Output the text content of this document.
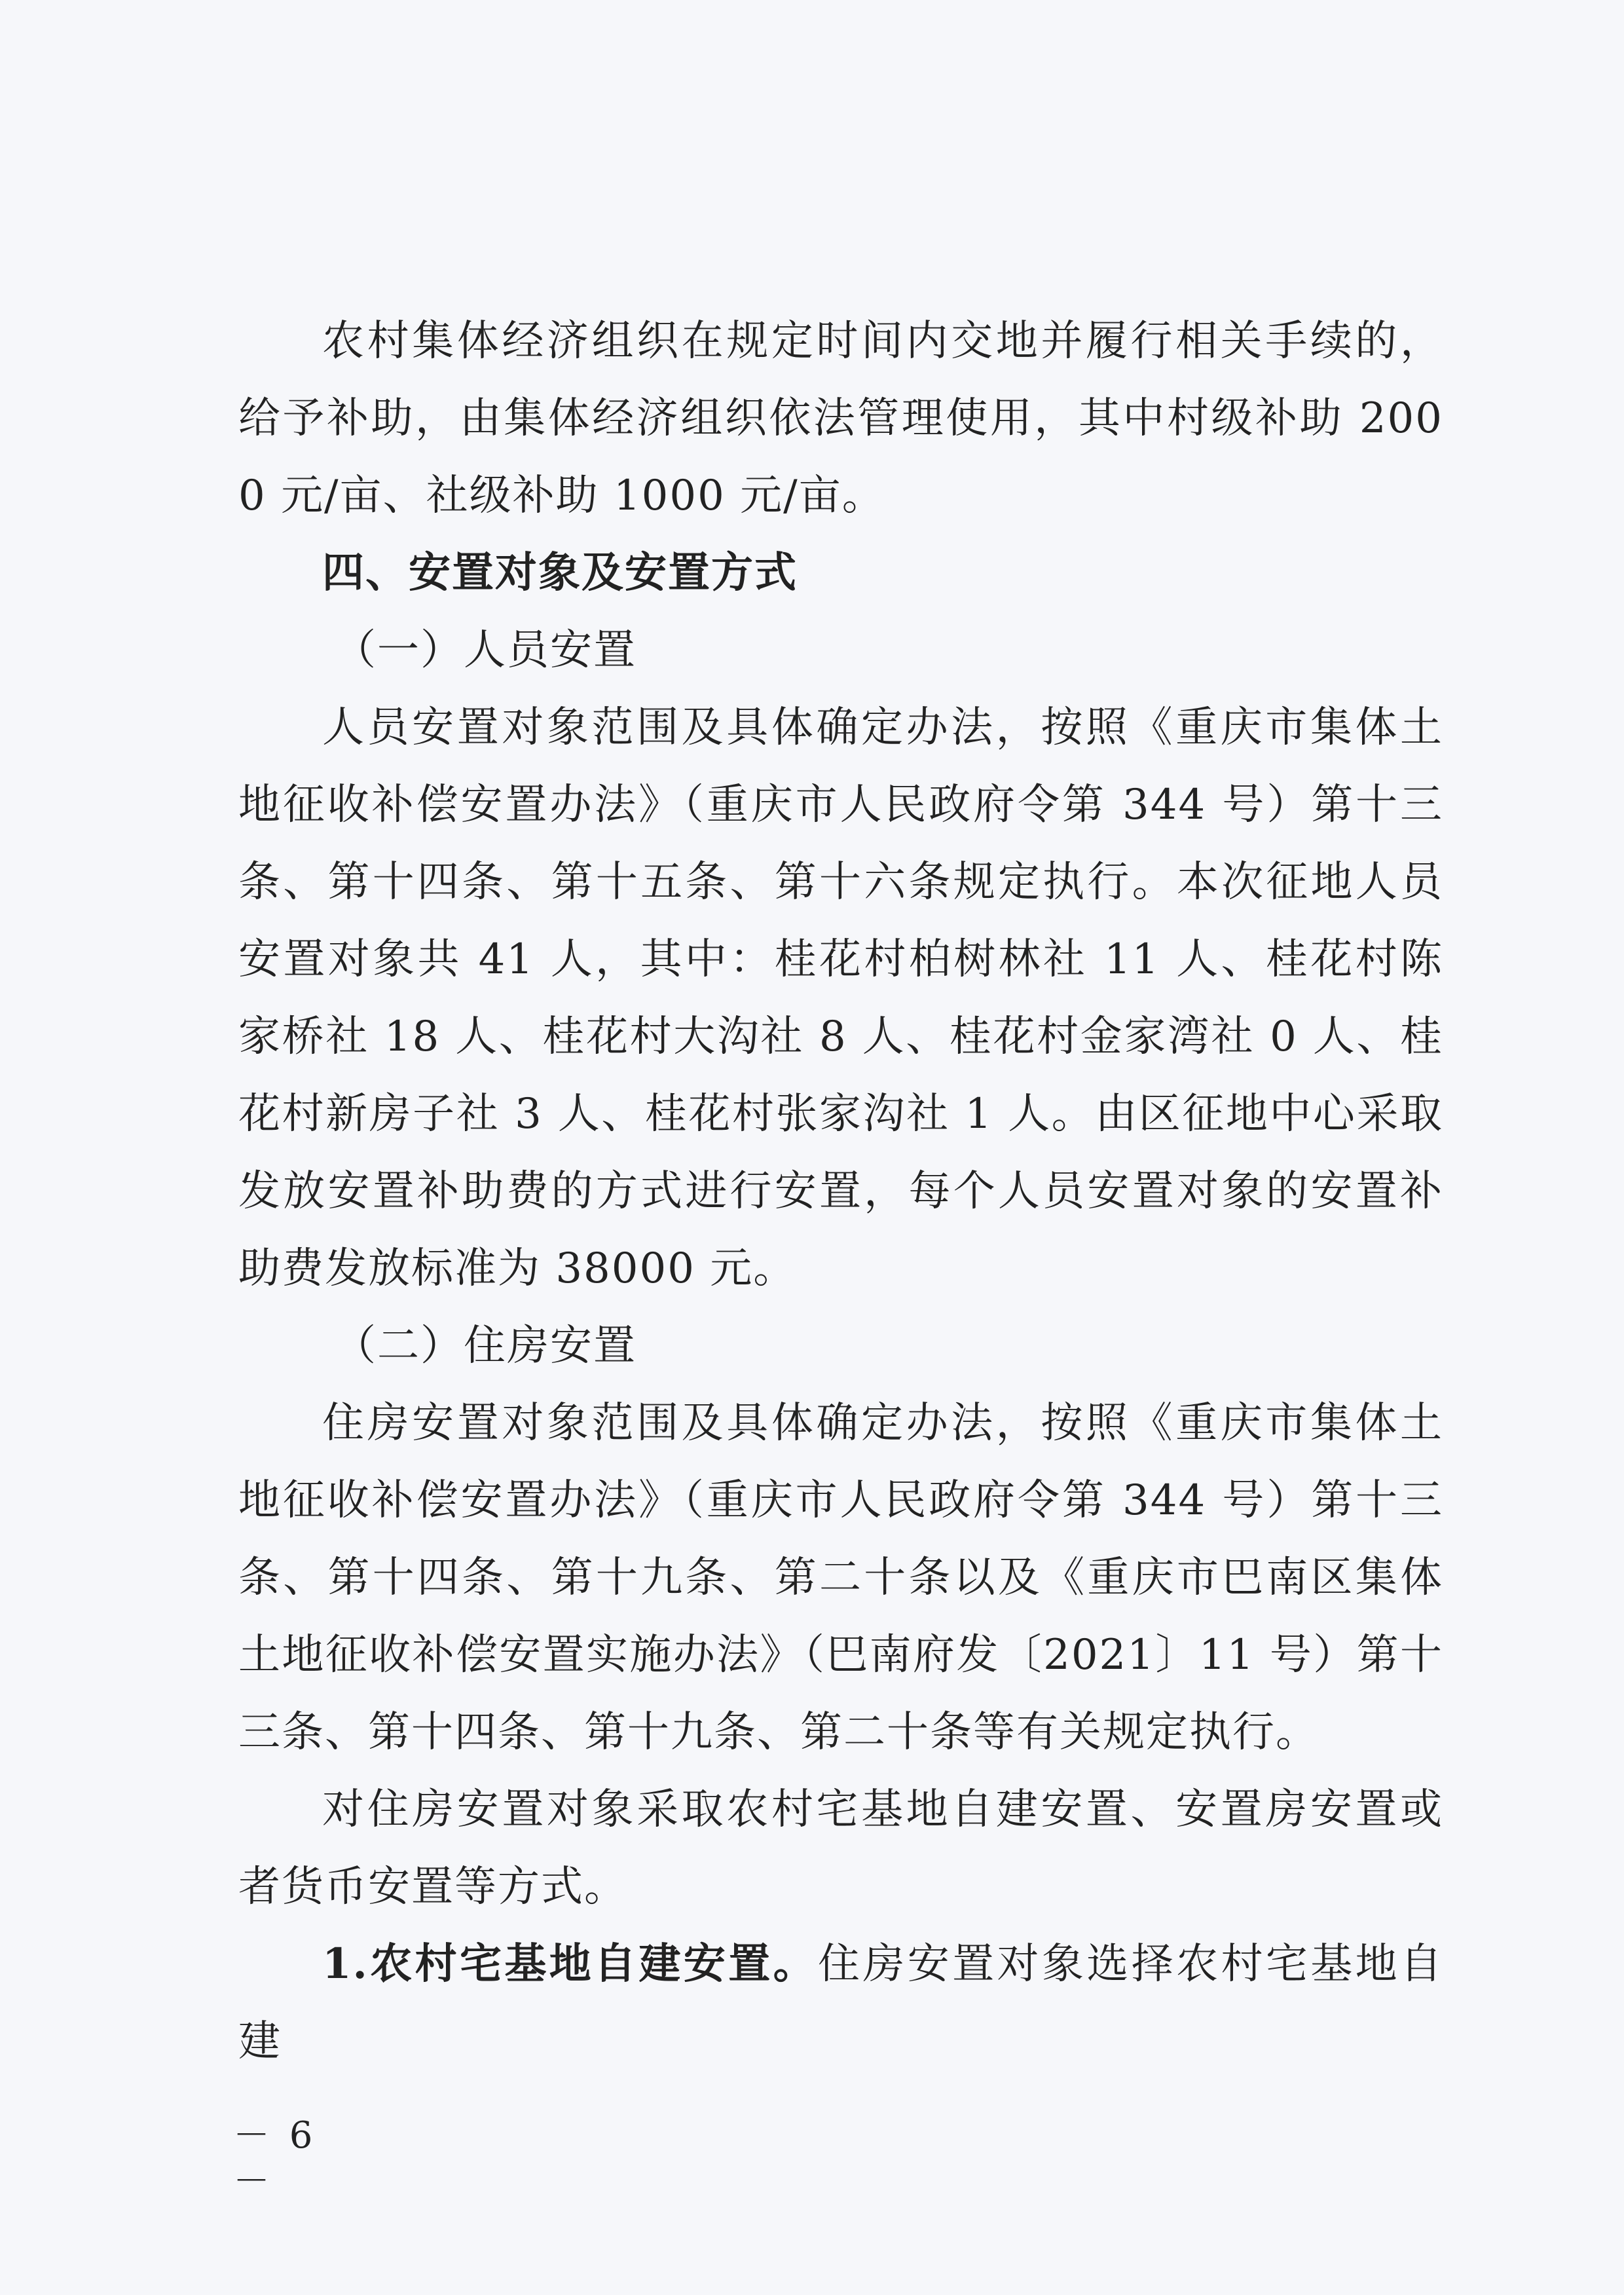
农村集体经济组织在规定时间内交地并履行相关手续的，给予补助，由集体经济组织依法管理使用，其中村级补助 2000 元/亩、社级补助 1000 元/亩。

四、安置对象及安置方式

（一）人员安置

人员安置对象范围及具体确定办法，按照《重庆市集体土地征收补偿安置办法》（重庆市人民政府令第 344 号）第十三条、第十四条、第十五条、第十六条规定执行。本次征地人员安置对象共 41 人，其中：桂花村柏树林社 11 人、桂花村陈家桥社 18 人、桂花村大沟社 8 人、桂花村金家湾社 0 人、桂花村新房子社 3 人、桂花村张家沟社 1 人。由区征地中心采取发放安置补助费的方式进行安置，每个人员安置对象的安置补助费发放标准为 38000 元。

（二）住房安置

住房安置对象范围及具体确定办法，按照《重庆市集体土地征收补偿安置办法》（重庆市人民政府令第 344 号）第十三条、第十四条、第十九条、第二十条以及《重庆市巴南区集体土地征收补偿安置实施办法》（巴南府发〔2021〕11 号）第十三条、第十四条、第十九条、第二十条等有关规定执行。

对住房安置对象采取农村宅基地自建安置、安置房安置或者货币安置等方式。

1.农村宅基地自建安置。住房安置对象选择农村宅基地自建

－ 6 －
